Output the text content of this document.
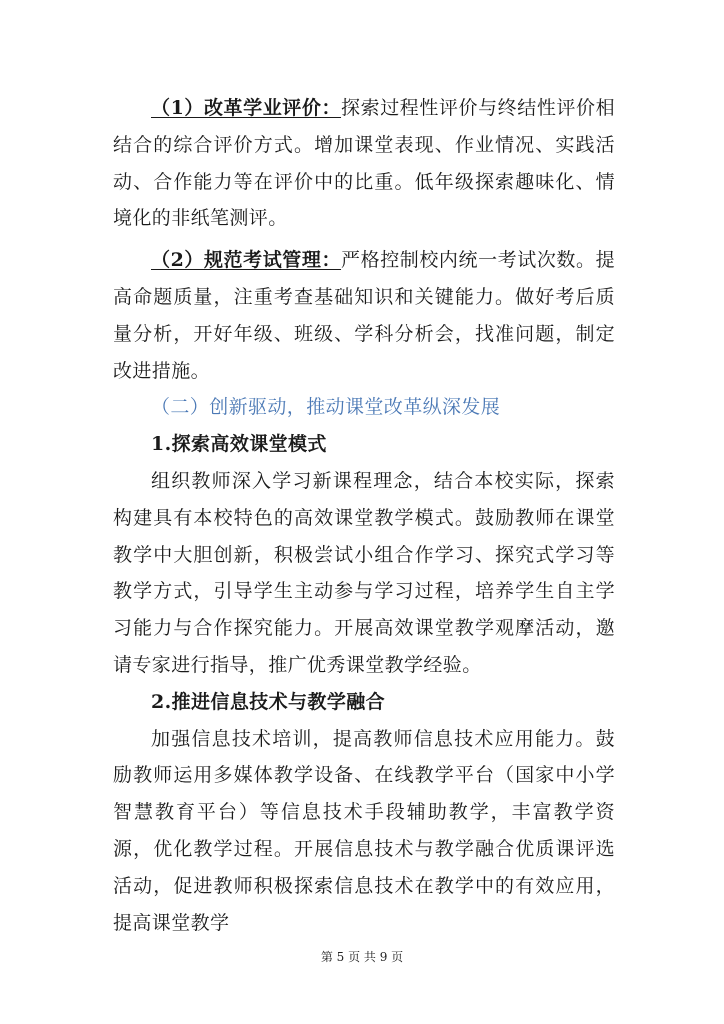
（1）改革学业评价：探索过程性评价与终结性评价相结合的综合评价方式。增加课堂表现、作业情况、实践活动、合作能力等在评价中的比重。低年级探索趣味化、情境化的非纸笔测评。

（2）规范考试管理：严格控制校内统一考试次数。提高命题质量，注重考查基础知识和关键能力。做好考后质量分析，开好年级、班级、学科分析会，找准问题，制定改进措施。

（二）创新驱动，推动课堂改革纵深发展

1.探索高效课堂模式

组织教师深入学习新课程理念，结合本校实际，探索构建具有本校特色的高效课堂教学模式。鼓励教师在课堂教学中大胆创新，积极尝试小组合作学习、探究式学习等教学方式，引导学生主动参与学习过程，培养学生自主学习能力与合作探究能力。开展高效课堂教学观摩活动，邀请专家进行指导，推广优秀课堂教学经验。

2.推进信息技术与教学融合

加强信息技术培训，提高教师信息技术应用能力。鼓励教师运用多媒体教学设备、在线教学平台（国家中小学智慧教育平台）等信息技术手段辅助教学，丰富教学资源，优化教学过程。开展信息技术与教学融合优质课评选活动，促进教师积极探索信息技术在教学中的有效应用，提高课堂教学

第 5 页 共 9 页
